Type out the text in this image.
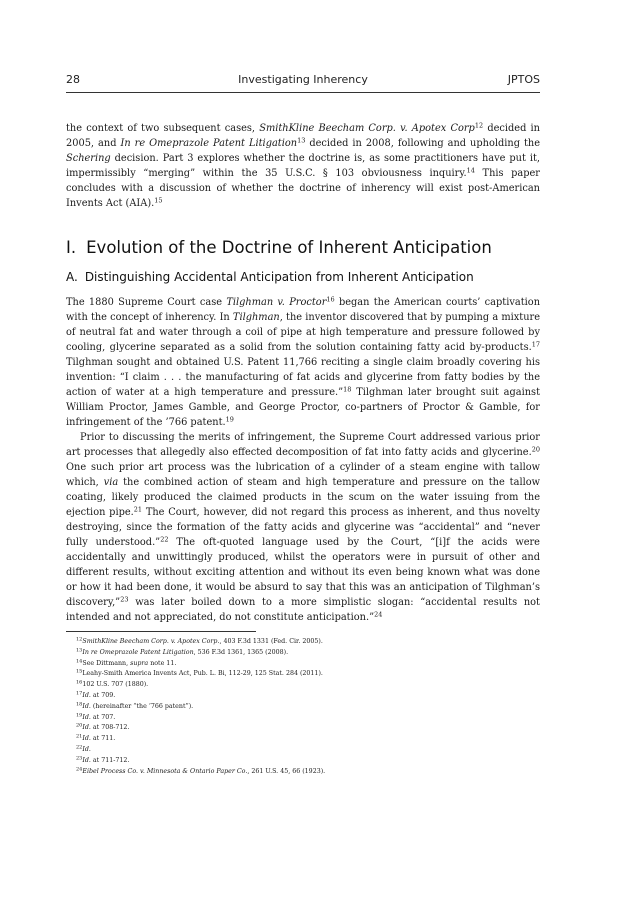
28	Investigating Inherency	JPTOS

the context of two subsequent cases, SmithKline Beecham Corp. v. Apotex Corp$^{12}$ decided in 2005, and In re Omeprazole Patent Litigation$^{13}$ decided in 2008, following and upholding the Schering decision. Part 3 explores whether the doctrine is, as some practitioners have put it, impermissibly “merging” within the 35 U.S.C. § 103 obviousness inquiry.$^{14}$ This paper concludes with a discussion of whether the doctrine of inherency will exist post-American Invents Act (AIA).$^{15}$

I. Evolution of the Doctrine of Inherent Anticipation
A. Distinguishing Accidental Anticipation from Inherent Anticipation

The 1880 Supreme Court case Tilghman v. Proctor$^{16}$ began the American courts’ captivation with the concept of inherency. In Tilghman, the inventor discovered that by pumping a mixture of neutral fat and water through a coil of pipe at high temperature and pressure followed by cooling, glycerine separated as a solid from the solution containing fatty acid by-products.$^{17}$ Tilghman sought and obtained U.S. Patent 11,766 reciting a single claim broadly covering his invention: “I claim . . . the manufacturing of fat acids and glycerine from fatty bodies by the action of water at a high temperature and pressure.”$^{18}$ Tilghman later brought suit against William Proctor, James Gamble, and George Proctor, co-partners of Proctor & Gamble, for infringement of the ’766 patent.$^{19}$

Prior to discussing the merits of infringement, the Supreme Court addressed various prior art processes that allegedly also effected decomposition of fat into fatty acids and glycerine.$^{20}$ One such prior art process was the lubrication of a cylinder of a steam engine with tallow which, via the combined action of steam and high temperature and pressure on the tallow coating, likely produced the claimed products in the scum on the water issuing from the ejection pipe.$^{21}$ The Court, however, did not regard this process as inherent, and thus novelty destroying, since the formation of the fatty acids and glycerine was “accidental” and “never fully understood.”$^{22}$ The oft-quoted language used by the Court, “[i]f the acids were accidentally and unwittingly produced, whilst the operators were in pursuit of other and different results, without exciting attention and without its even being known what was done or how it had been done, it would be absurd to say that this was an anticipation of Tilghman’s discovery,”$^{23}$ was later boiled down to a more simplistic slogan: “accidental results not intended and not appreciated, do not constitute anticipation.”$^{24}$

$^{12}$SmithKline Beecham Corp. v. Apotex Corp., 403 F.3d 1331 (Fed. Cir. 2005).
$^{13}$In re Omeprazole Patent Litigation, 536 F.3d 1361, 1365 (2008).
$^{14}$See Dittmann, supra note 11.
$^{15}$Leahy-Smith America Invents Act, Pub. L. Bi, 112-29, 125 Stat. 284 (2011).
$^{16}$102 U.S. 707 (1880).
$^{17}$Id. at 709.
$^{18}$Id. (hereinafter “the ’766 patent”).
$^{19}$Id. at 707.
$^{20}$Id. at 708-712.
$^{21}$Id. at 711.
$^{22}$Id.
$^{23}$Id. at 711-712.
$^{24}$Eibel Process Co. v. Minnesota & Ontario Paper Co., 261 U.S. 45, 66 (1923).
